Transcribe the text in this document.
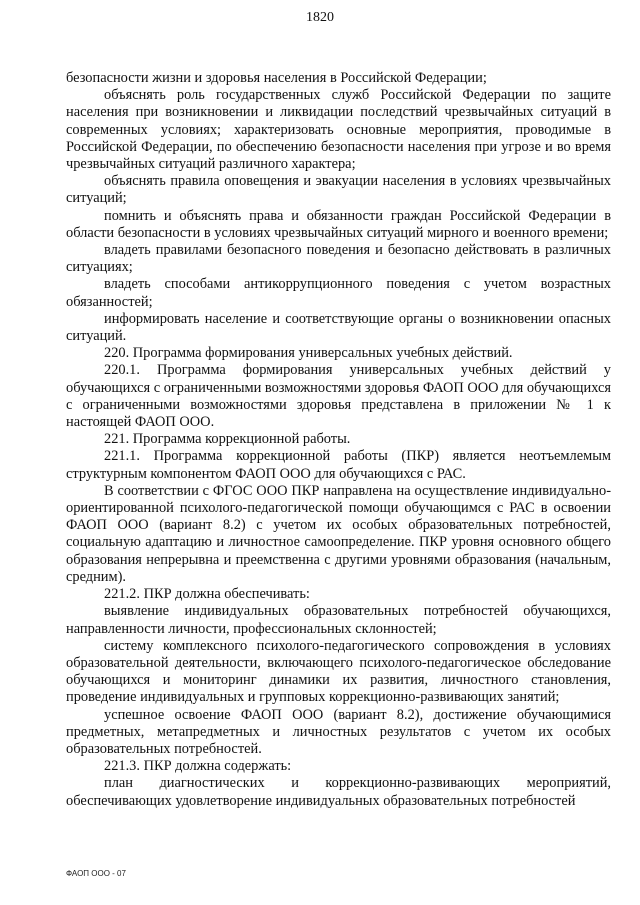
1820

безопасности жизни и здоровья населения в Российской Федерации;

объяснять роль государственных служб Российской Федерации по защите населения при возникновении и ликвидации последствий чрезвычайных ситуаций в современных условиях; характеризовать основные мероприятия, проводимые в Российской Федерации, по обеспечению безопасности населения при угрозе и во время чрезвычайных ситуаций различного характера;

объяснять правила оповещения и эвакуации населения в условиях чрезвычайных ситуаций;

помнить и объяснять права и обязанности граждан Российской Федерации в области безопасности в условиях чрезвычайных ситуаций мирного и военного времени;

владеть правилами безопасного поведения и безопасно действовать в различных ситуациях;

владеть способами антикоррупционного поведения с учетом возрастных обязанностей;

информировать население и соответствующие органы о возникновении опасных ситуаций.

220. Программа формирования универсальных учебных действий.

220.1. Программа формирования универсальных учебных действий у обучающихся с ограниченными возможностями здоровья ФАОП ООО для обучающихся с ограниченными возможностями здоровья представлена в приложении № 1 к настоящей ФАОП ООО.

221. Программа коррекционной работы.

221.1. Программа коррекционной работы (ПКР) является неотъемлемым структурным компонентом ФАОП ООО для обучающихся с РАС.

В соответствии с ФГОС ООО ПКР направлена на осуществление индивидуально-ориентированной психолого-педагогической помощи обучающимся с РАС в освоении ФАОП ООО (вариант 8.2) с учетом их особых образовательных потребностей, социальную адаптацию и личностное самоопределение. ПКР уровня основного общего образования непрерывна и преемственна с другими уровнями образования (начальным, средним).

221.2. ПКР должна обеспечивать:

выявление индивидуальных образовательных потребностей обучающихся, направленности личности, профессиональных склонностей;

систему комплексного психолого-педагогического сопровождения в условиях образовательной деятельности, включающего психолого-педагогическое обследование обучающихся и мониторинг динамики их развития, личностного становления, проведение индивидуальных и групповых коррекционно-развивающих занятий;

успешное освоение ФАОП ООО (вариант 8.2), достижение обучающимися предметных, метапредметных и личностных результатов с учетом их особых образовательных потребностей.

221.3. ПКР должна содержать:

план диагностических и коррекционно-развивающих мероприятий, обеспечивающих удовлетворение индивидуальных образовательных потребностей

ФАОП ООО - 07
